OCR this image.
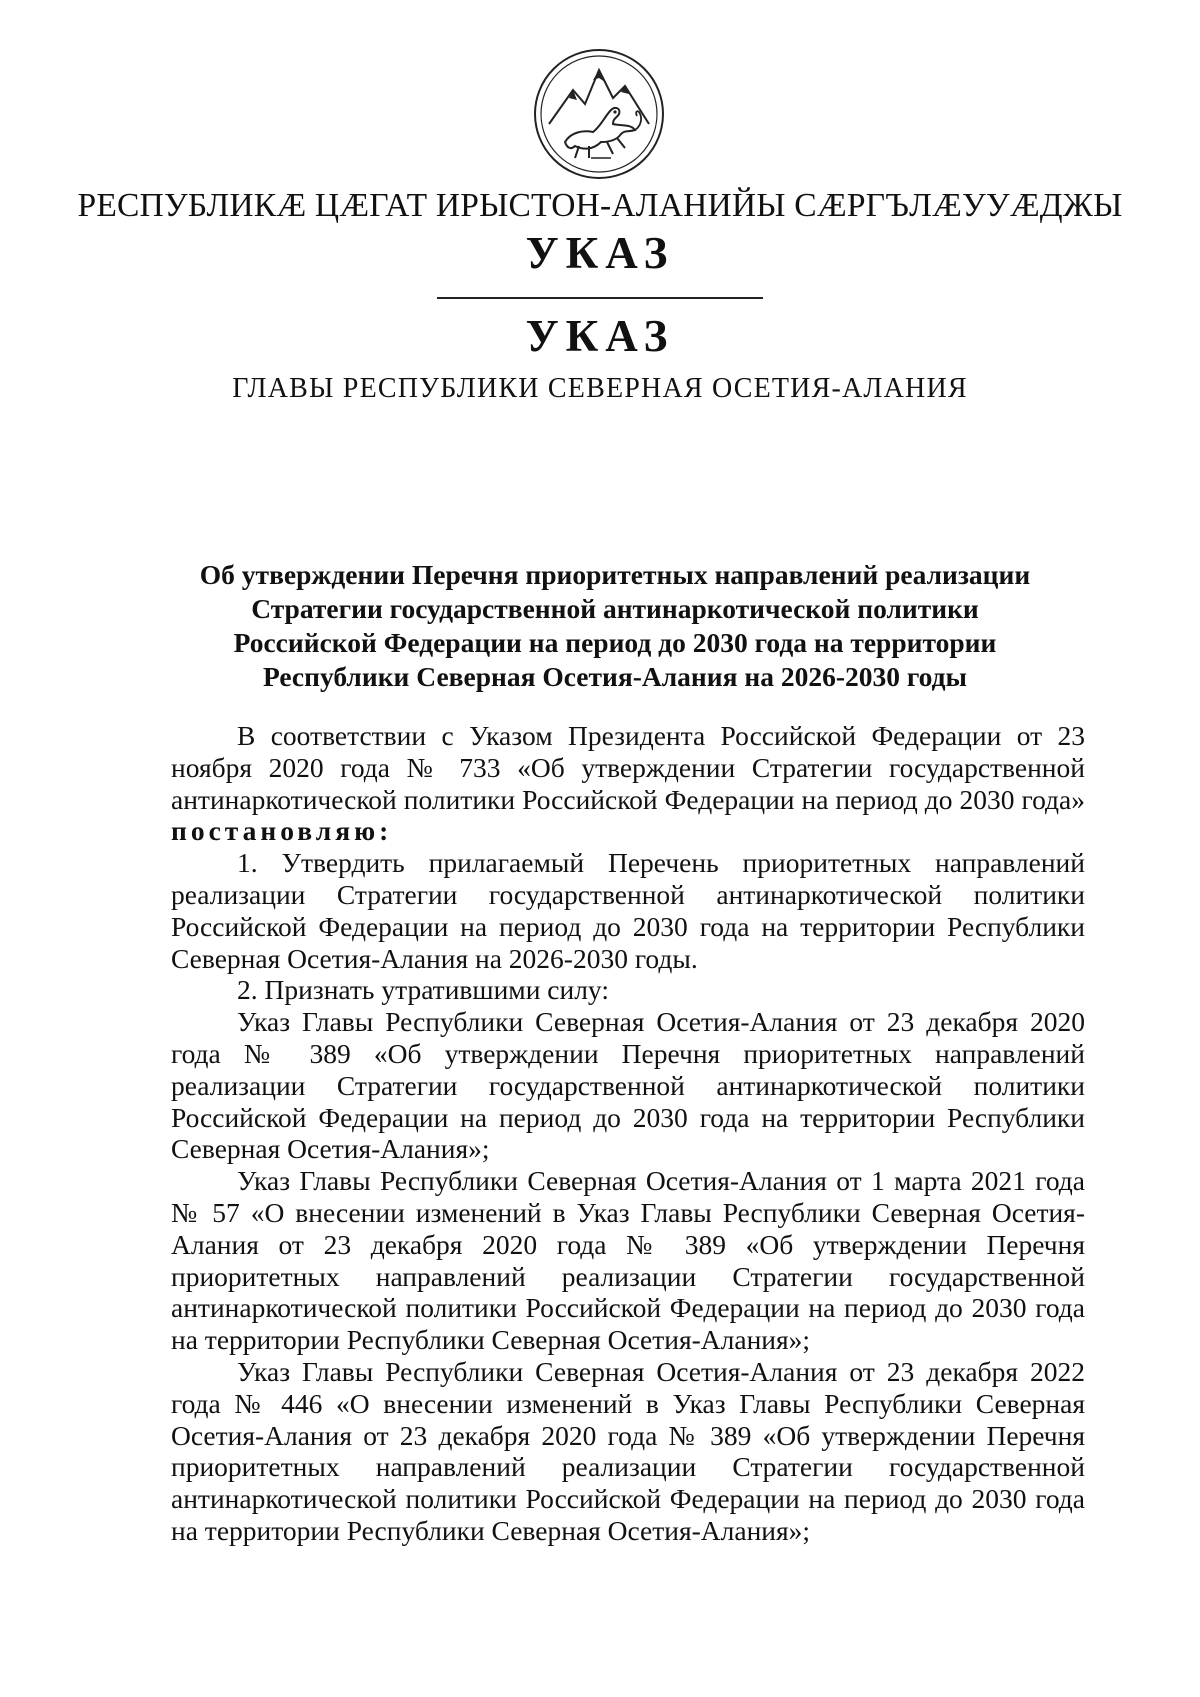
РЕСПУБЛИКÆ ЦÆГАТ ИРЫСТОН-АЛАНИЙЫ СÆРГЪЛÆУУÆДЖЫ
УКАЗ
УКАЗ
ГЛАВЫ РЕСПУБЛИКИ СЕВЕРНАЯ ОСЕТИЯ-АЛАНИЯ
Об утверждении Перечня приоритетных направлений реализации
Стратегии государственной антинаркотической политики
Российской Федерации на период до 2030 года на территории
Республики Северная Осетия-Алания на 2026-2030 годы

В соответствии с Указом Президента Российской Федерации от 23 ноября 2020 года № 733 «Об утверждении Стратегии государственной антинаркотической политики Российской Федерации на период до 2030 года» постановляю:

1. Утвердить прилагаемый Перечень приоритетных направлений реализации Стратегии государственной антинаркотической политики Российской Федерации на период до 2030 года на территории Республики Северная Осетия-Алания на 2026-2030 годы.

2. Признать утратившими силу:

Указ Главы Республики Северная Осетия-Алания от 23 декабря 2020 года № 389 «Об утверждении Перечня приоритетных направлений реализации Стратегии государственной антинаркотической политики Российской Федерации на период до 2030 года на территории Республики Северная Осетия-Алания»;

Указ Главы Республики Северная Осетия-Алания от 1 марта 2021 года № 57 «О внесении изменений в Указ Главы Республики Северная Осетия-Алания от 23 декабря 2020 года № 389 «Об утверждении Перечня приоритетных направлений реализации Стратегии государственной антинаркотической политики Российской Федерации на период до 2030 года на территории Республики Северная Осетия-Алания»;

Указ Главы Республики Северная Осетия-Алания от 23 декабря 2022 года № 446 «О внесении изменений в Указ Главы Республики Северная Осетия-Алания от 23 декабря 2020 года № 389 «Об утверждении Перечня приоритетных направлений реализации Стратегии государственной антинаркотической политики Российской Федерации на период до 2030 года на территории Республики Северная Осетия-Алания»;
